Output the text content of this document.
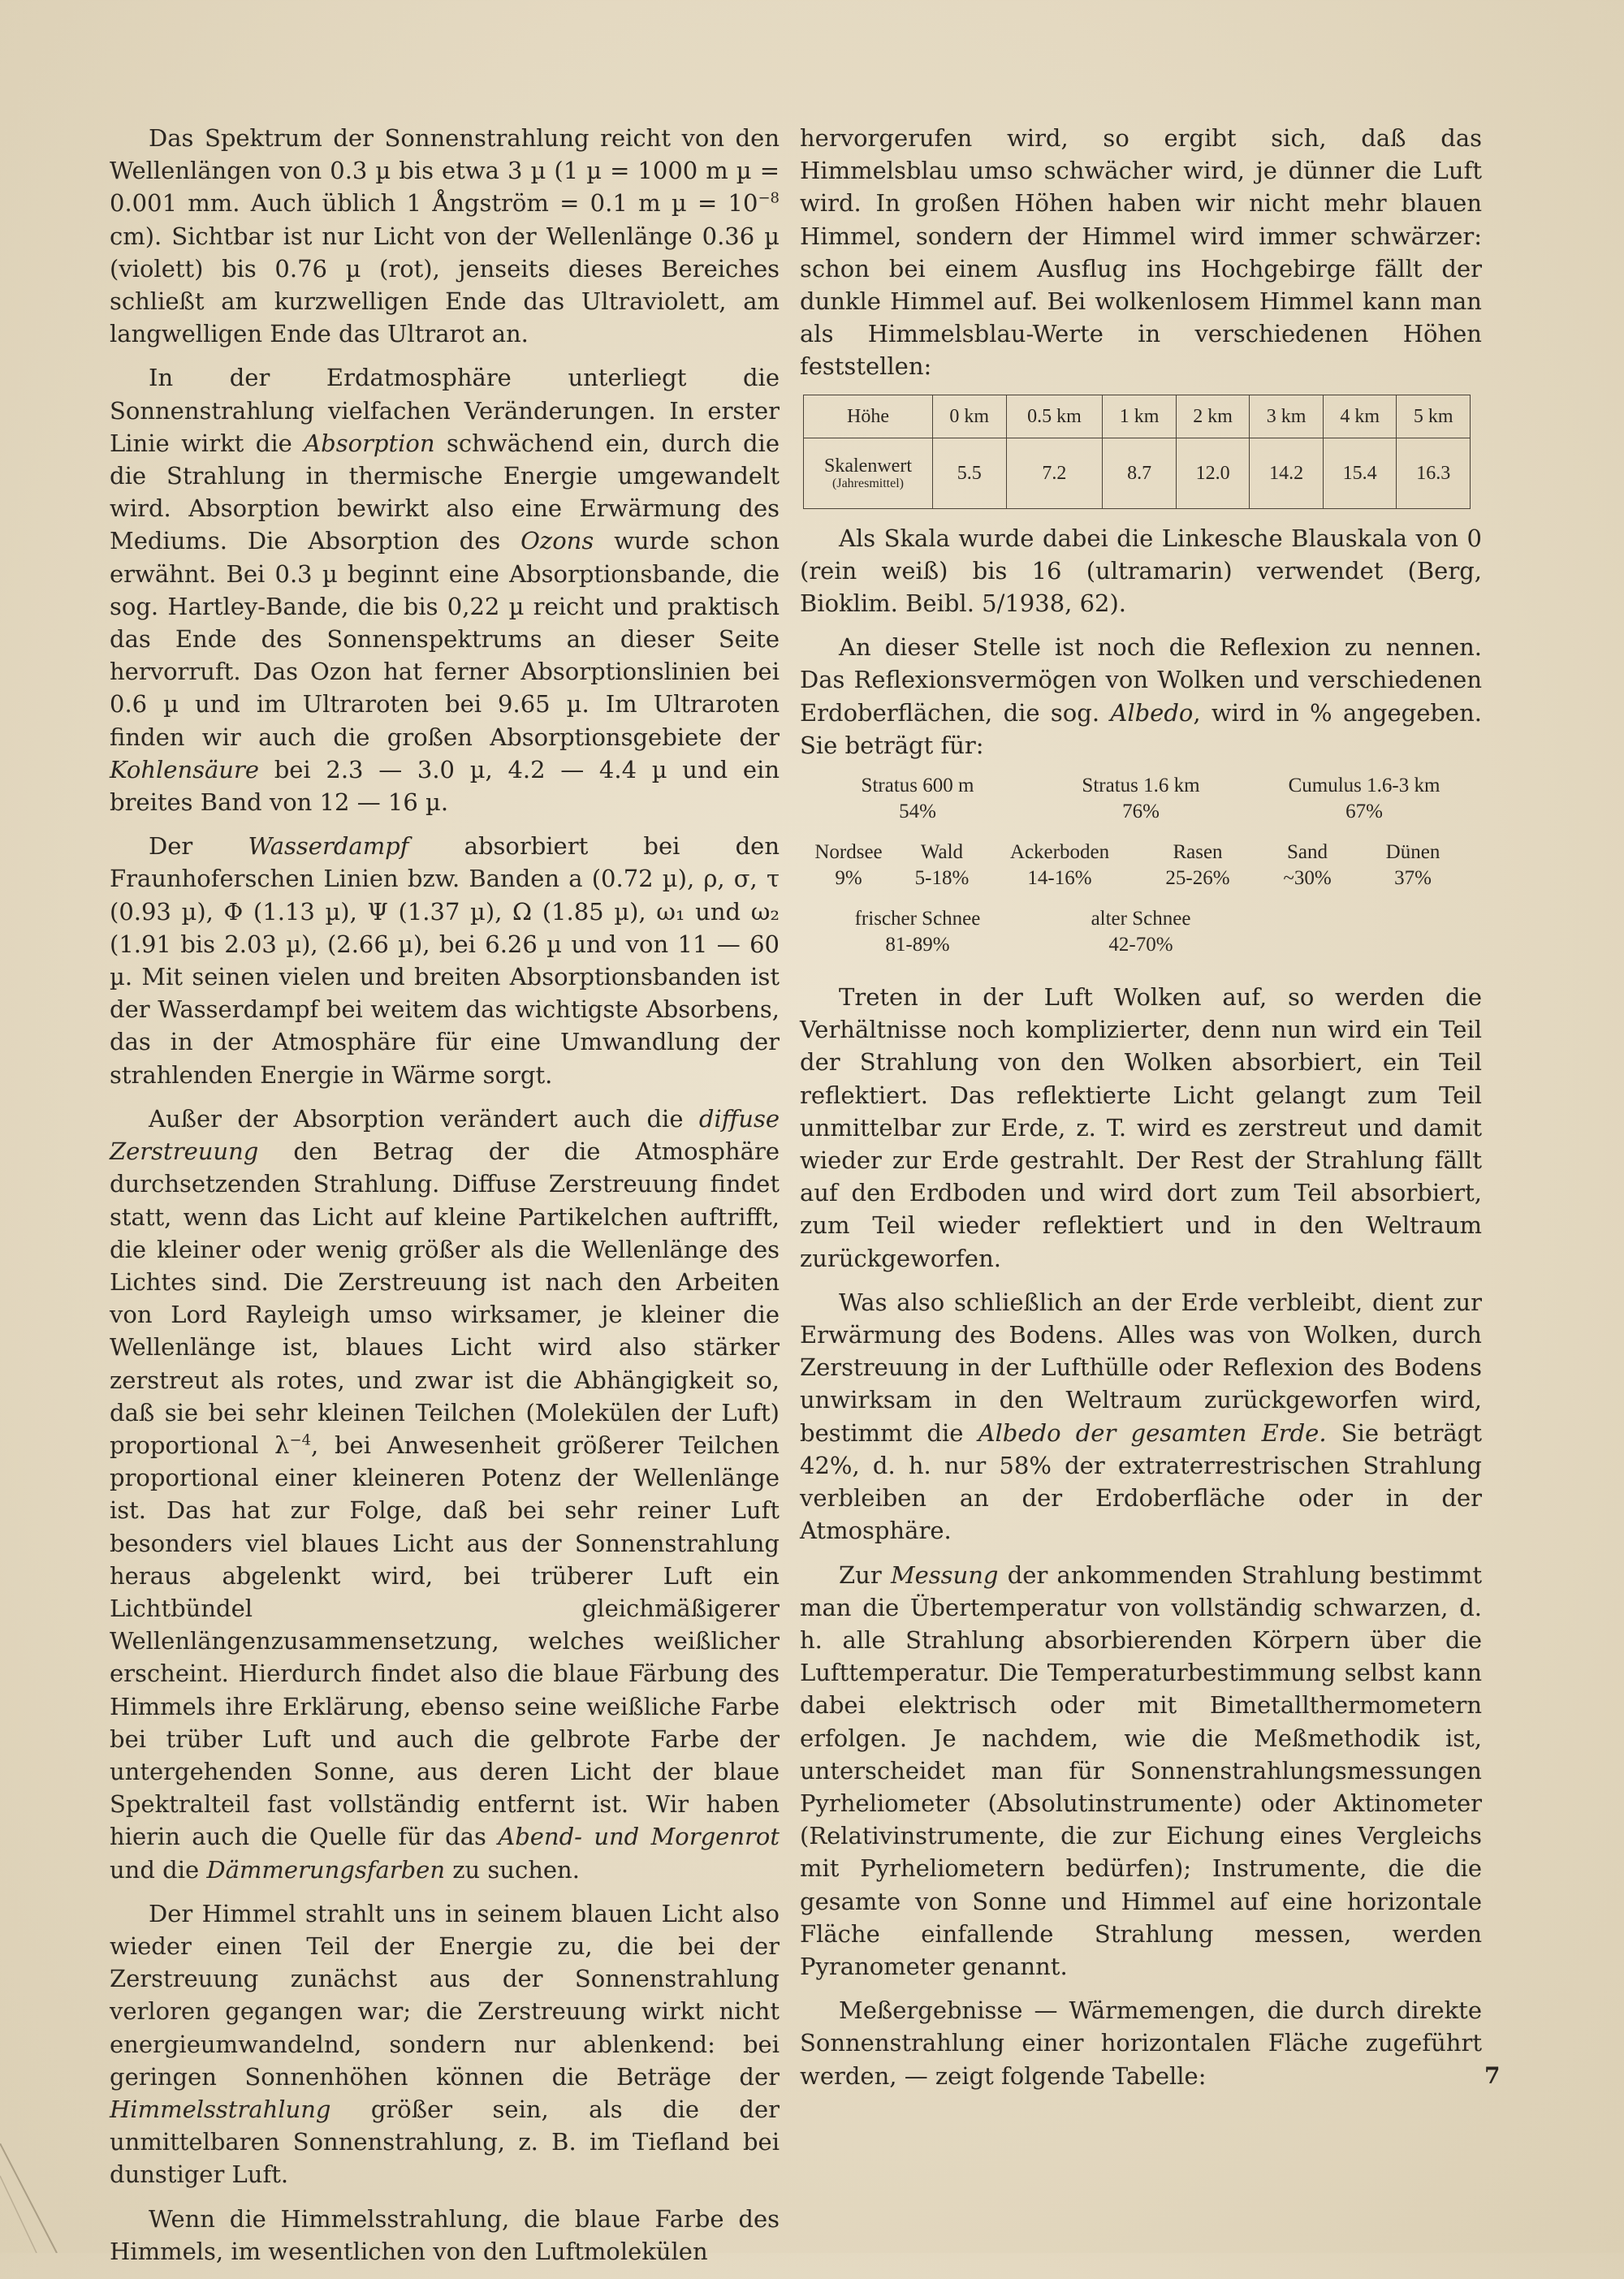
Das Spektrum der Sonnenstrahlung reicht von den Wellenlängen von 0.3 µ bis etwa 3 µ (1 µ = 1000 m µ = 0.001 mm. Auch üblich 1 Ångström = 0.1 m $\mu = 10^{-8}$ cm). Sichtbar ist nur Licht von der Wellenlänge 0.36 µ (violett) bis 0.76 µ (rot), jenseits dieses Bereiches schließt am kurzwelligen Ende das Ultraviolett, am langwelligen Ende das Ultrarot an.

In der Erdatmosphäre unterliegt die Sonnenstrahlung vielfachen Veränderungen. In erster Linie wirkt die Absorption schwächend ein, durch die die Strahlung in thermische Energie umgewandelt wird. Absorption bewirkt also eine Erwärmung des Mediums. Die Absorption des Ozons wurde schon erwähnt. Bei 0.3 µ beginnt eine Absorptionsbande, die sog. Hartley-Bande, die bis 0,22 µ reicht und praktisch das Ende des Sonnenspektrums an dieser Seite hervorruft. Das Ozon hat ferner Absorptionslinien bei 0.6 µ und im Ultraroten bei 9.65 µ. Im Ultraroten finden wir auch die großen Absorptionsgebiete der Kohlensäure bei 2.3 — 3.0 µ, 4.2 — 4.4 µ und ein breites Band von 12 — 16 µ.

Der Wasserdampf absorbiert bei den Fraunhoferschen Linien bzw. Banden a (0.72 µ), ρ, σ, τ (0.93 µ), Φ (1.13 µ), Ψ (1.37 µ), Ω (1.85 µ), ω₁ und ω₂ (1.91 bis 2.03 µ), (2.66 µ), bei 6.26 µ und von 11 — 60 µ. Mit seinen vielen und breiten Absorptionsbanden ist der Wasserdampf bei weitem das wichtigste Absorbens, das in der Atmosphäre für eine Umwandlung der strahlenden Energie in Wärme sorgt.

Außer der Absorption verändert auch die diffuse Zerstreuung den Betrag der die Atmosphäre durchsetzenden Strahlung. Diffuse Zerstreuung findet statt, wenn das Licht auf kleine Partikelchen auftrifft, die kleiner oder wenig größer als die Wellenlänge des Lichtes sind. Die Zerstreuung ist nach den Arbeiten von Lord Rayleigh umso wirksamer, je kleiner die Wellenlänge ist, blaues Licht wird also stärker zerstreut als rotes, und zwar ist die Abhängigkeit so, daß sie bei sehr kleinen Teilchen (Molekülen der Luft) proportional $\lambda^{-4}$, bei Anwesenheit größerer Teilchen proportional einer kleineren Potenz der Wellenlänge ist. Das hat zur Folge, daß bei sehr reiner Luft besonders viel blaues Licht aus der Sonnenstrahlung heraus abgelenkt wird, bei trüberer Luft ein Lichtbündel gleichmäßigerer Wellenlängenzusammensetzung, welches weißlicher erscheint. Hierdurch findet also die blaue Färbung des Himmels ihre Erklärung, ebenso seine weißliche Farbe bei trüber Luft und auch die gelbrote Farbe der untergehenden Sonne, aus deren Licht der blaue Spektralteil fast vollständig entfernt ist. Wir haben hierin auch die Quelle für das Abend- und Morgenrot und die Dämmerungsfarben zu suchen.

Der Himmel strahlt uns in seinem blauen Licht also wieder einen Teil der Energie zu, die bei der Zerstreuung zunächst aus der Sonnenstrahlung verloren gegangen war; die Zerstreuung wirkt nicht energieumwandelnd, sondern nur ablenkend: bei geringen Sonnenhöhen können die Beträge der Himmelsstrahlung größer sein, als die der unmittelbaren Sonnenstrahlung, z. B. im Tiefland bei dunstiger Luft.

Wenn die Himmelsstrahlung, die blaue Farbe des Himmels, im wesentlichen von den Luftmolekülen

hervorgerufen wird, so ergibt sich, daß das Himmelsblau umso schwächer wird, je dünner die Luft wird. In großen Höhen haben wir nicht mehr blauen Himmel, sondern der Himmel wird immer schwärzer: schon bei einem Ausflug ins Hochgebirge fällt der dunkle Himmel auf. Bei wolkenlosem Himmel kann man als Himmelsblau-Werte in verschiedenen Höhen feststellen:

Höhe	0 km	0.5 km	1 km	2 km	3 km	4 km	5 km

Skalenwert
(Jahresmittel)	5.5	7.2	8.7	12.0	14.2	15.4	16.3

Als Skala wurde dabei die Linkesche Blauskala von 0 (rein weiß) bis 16 (ultramarin) verwendet (Berg, Bioklim. Beibl. 5/1938, 62).

An dieser Stelle ist noch die Reflexion zu nennen. Das Reflexionsvermögen von Wolken und verschiedenen Erdoberflächen, die sog. Albedo, wird in % angegeben. Sie beträgt für:

Stratus 600 m
54%
Stratus 1.6 km
76%
Cumulus 1.6-3 km
67%
Nordsee
9%
Wald
5-18%
Ackerboden
14-16%
Rasen
25-26%
Sand
~30%
Dünen
37%
frischer Schnee
81-89%
alter Schnee
42-70%

Treten in der Luft Wolken auf, so werden die Verhältnisse noch komplizierter, denn nun wird ein Teil der Strahlung von den Wolken absorbiert, ein Teil reflektiert. Das reflektierte Licht gelangt zum Teil unmittelbar zur Erde, z. T. wird es zerstreut und damit wieder zur Erde gestrahlt. Der Rest der Strahlung fällt auf den Erdboden und wird dort zum Teil absorbiert, zum Teil wieder reflektiert und in den Weltraum zurückgeworfen.

Was also schließlich an der Erde verbleibt, dient zur Erwärmung des Bodens. Alles was von Wolken, durch Zerstreuung in der Lufthülle oder Reflexion des Bodens unwirksam in den Weltraum zurückgeworfen wird, bestimmt die Albedo der gesamten Erde. Sie beträgt 42%, d. h. nur 58% der extraterrestrischen Strahlung verbleiben an der Erdoberfläche oder in der Atmosphäre.

Zur Messung der ankommenden Strahlung bestimmt man die Übertemperatur von vollständig schwarzen, d. h. alle Strahlung absorbierenden Körpern über die Lufttemperatur. Die Temperaturbestimmung selbst kann dabei elektrisch oder mit Bimetallthermometern erfolgen. Je nachdem, wie die Meßmethodik ist, unterscheidet man für Sonnenstrahlungsmessungen Pyrheliometer (Absolutinstrumente) oder Aktinometer (Relativinstrumente, die zur Eichung eines Vergleichs mit Pyrheliometern bedürfen); Instrumente, die die gesamte von Sonne und Himmel auf eine horizontale Fläche einfallende Strahlung messen, werden Pyranometer genannt.

Meßergebnisse — Wärmemengen, die durch direkte Sonnenstrahlung einer horizontalen Fläche zugeführt werden, — zeigt folgende Tabelle:	7
